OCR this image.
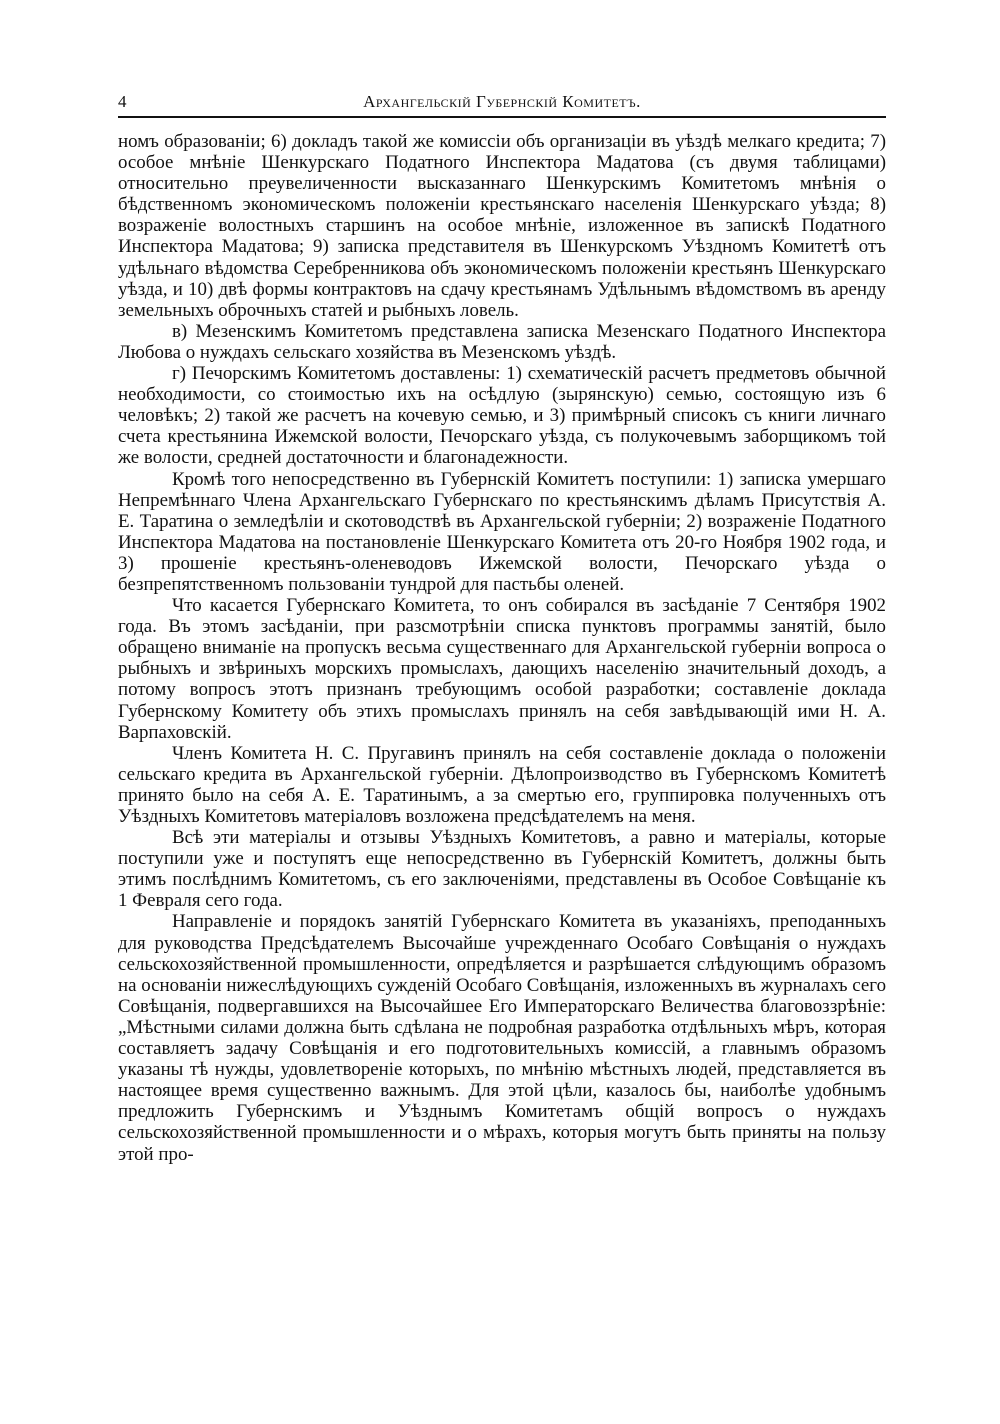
4	Архангельскій Губернскій Комитетъ.

номъ образованіи; 6) докладъ такой же комиссіи объ организаціи въ уѣздѣ мелкаго кредита; 7) особое мнѣніе Шенкурскаго Податного Инспектора Мадатова (съ двумя таблицами) относительно преувеличенности высказаннаго Шенкурскимъ Комитетомъ мнѣнія о бѣдственномъ экономическомъ положеніи крестьянскаго населенія Шенкурскаго уѣзда; 8) возраженіе волостныхъ старшинъ на особое мнѣніе, изложенное въ запискѣ Податного Инспектора Мадатова; 9) записка представителя въ Шенкурскомъ Уѣздномъ Комитетѣ отъ удѣльнаго вѣдомства Серебренникова объ экономическомъ положеніи крестьянъ Шенкурскаго уѣзда, и 10) двѣ формы контрактовъ на сдачу крестьянамъ Удѣльнымъ вѣдомствомъ въ аренду земельныхъ оброчныхъ статей и рыбныхъ ловель.

в) Мезенскимъ Комитетомъ представлена записка Мезенскаго Податного Инспектора Любова о нуждахъ сельскаго хозяйства въ Мезенскомъ уѣздѣ.

г) Печорскимъ Комитетомъ доставлены: 1) схематическій расчетъ предметовъ обычной необходимости, со стоимостью ихъ на осѣдлую (зырянскую) семью, состоящую изъ 6 человѣкъ; 2) такой же расчетъ на кочевую семью, и 3) примѣрный списокъ съ книги личнаго счета крестьянина Ижемской волости, Печорскаго уѣзда, съ полукочевымъ заборщикомъ той же волости, средней достаточности и благонадежности.

Кромѣ того непосредственно въ Губернскій Комитетъ поступили: 1) записка умершаго Непремѣннаго Члена Архангельскаго Губернскаго по крестьянскимъ дѣламъ Присутствія А. Е. Таратина о земледѣліи и скотоводствѣ въ Архангельской губерніи; 2) возраженіе Податного Инспектора Мадатова на постановленіе Шенкурскаго Комитета отъ 20-го Ноября 1902 года, и 3) прошеніе крестьянъ-оленеводовъ Ижемской волости, Печорскаго уѣзда о безпрепятственномъ пользованіи тундрой для пастьбы оленей.

Что касается Губернскаго Комитета, то онъ собирался въ засѣданіе 7 Сентября 1902 года. Въ этомъ засѣданіи, при разсмотрѣніи списка пунктовъ программы занятій, было обращено вниманіе на пропускъ весьма существеннаго для Архангельской губерніи вопроса о рыбныхъ и звѣриныхъ морскихъ промыслахъ, дающихъ населенію значительный доходъ, а потому вопросъ этотъ признанъ требующимъ особой разработки; составленіе доклада Губернскому Комитету объ этихъ промыслахъ принялъ на себя завѣдывающій ими Н. А. Варпаховскій.

Членъ Комитета Н. С. Пругавинъ принялъ на себя составленіе доклада о положеніи сельскаго кредита въ Архангельской губерніи. Дѣлопроизводство въ Губернскомъ Комитетѣ принято было на себя А. Е. Таратинымъ, а за смертью его, группировка полученныхъ отъ Уѣздныхъ Комитетовъ матеріаловъ возложена предсѣдателемъ на меня.

Всѣ эти матеріалы и отзывы Уѣздныхъ Комитетовъ, а равно и матеріалы, которые поступили уже и поступятъ еще непосредственно въ Губернскій Комитетъ, должны быть этимъ послѣднимъ Комитетомъ, съ его заключеніями, представлены въ Особое Совѣщаніе къ 1 Февраля сего года.

Направленіе и порядокъ занятій Губернскаго Комитета въ указаніяхъ, преподанныхъ для руководства Предсѣдателемъ Высочайше учрежденнаго Особаго Совѣщанія о нуждахъ сельскохозяйственной промышленности, опредѣляется и разрѣшается слѣдующимъ образомъ на основаніи нижеслѣдующихъ сужденій Особаго Совѣщанія, изложенныхъ въ журналахъ сего Совѣщанія, подвергавшихся на Высочайшее Его Императорскаго Величества благовоззрѣніе: „Мѣстными силами должна быть сдѣлана не подробная разработка отдѣльныхъ мѣръ, которая составляетъ задачу Совѣщанія и его подготовительныхъ комиссій, а главнымъ образомъ указаны тѣ нужды, удовлетвореніе которыхъ, по мнѣнію мѣстныхъ людей, представляется въ настоящее время существенно важнымъ. Для этой цѣли, казалось бы, наиболѣе удобнымъ предложить Губернскимъ и Уѣзднымъ Комитетамъ общій вопросъ о нуждахъ сельскохозяйственной промышленности и о мѣрахъ, которыя могутъ быть приняты на пользу этой про-
